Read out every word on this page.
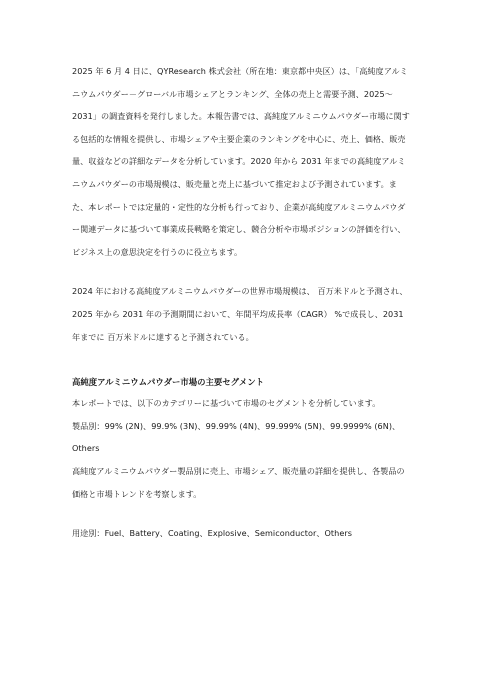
2025 年 6 月 4 日に、QYResearch 株式会社（所在地：東京都中央区）は、「高純度アルミニウムパウダー－グローバル市場シェアとランキング、全体の売上と需要予測、2025～2031」の調査資料を発行しました。本報告書では、高純度アルミニウムパウダー市場に関する包括的な情報を提供し、市場シェアや主要企業のランキングを中心に、売上、価格、販売量、収益などの詳細なデータを分析しています。2020 年から 2031 年までの高純度アルミニウムパウダーの市場規模は、販売量と売上に基づいて推定および予測されています。また、本レポートでは定量的・定性的な分析も行っており、企業が高純度アルミニウムパウダー関連データに基づいて事業成長戦略を策定し、競合分析や市場ポジションの評価を行い、ビジネス上の意思決定を行うのに役立ちます。

2024 年における高純度アルミニウムパウダーの世界市場規模は、 百万米ドルと予測され、2025 年から 2031 年の予測期間において、年間平均成長率（CAGR） %で成長し、2031 年までに 百万米ドルに達すると予測されている。

高純度アルミニウムパウダー市場の主要セグメント

本レポートでは、以下のカテゴリーに基づいて市場のセグメントを分析しています。

製品別：99% (2N)、99.9% (3N)、99.99% (4N)、99.999% (5N)、99.9999% (6N)、Others

高純度アルミニウムパウダー製品別に売上、市場シェア、販売量の詳細を提供し、各製品の価格と市場トレンドを考察します。

用途別：Fuel、Battery、Coating、Explosive、Semiconductor、Others
